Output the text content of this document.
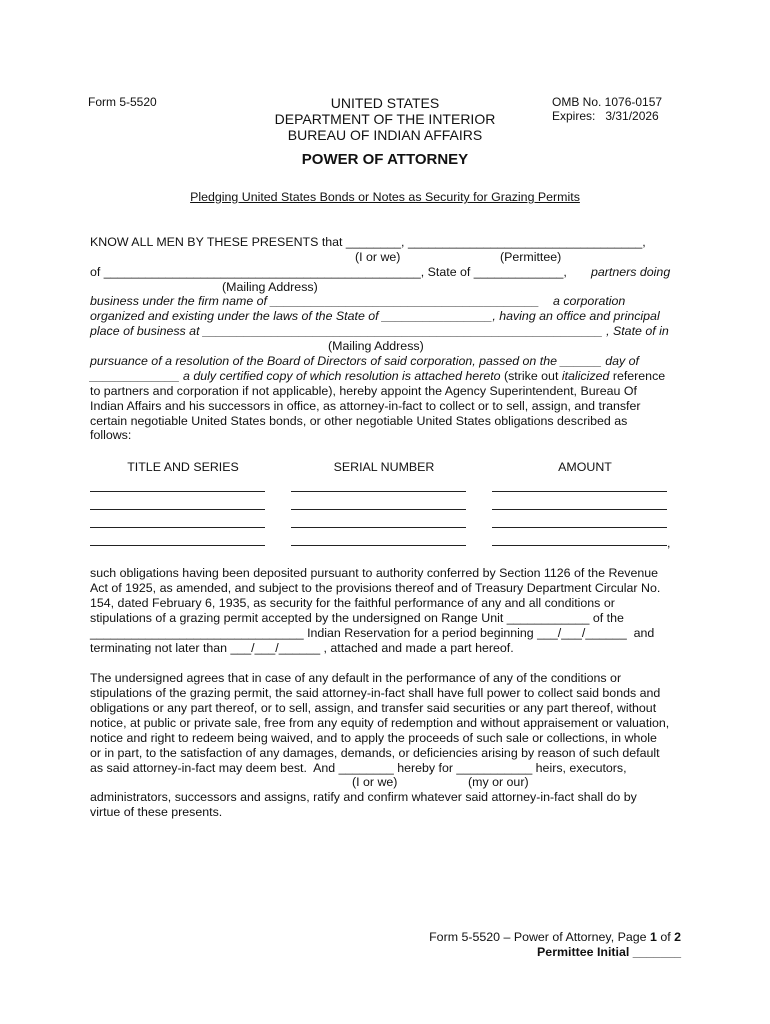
Form 5-5520	UNITED STATES
DEPARTMENT OF THE INTERIOR
BUREAU OF INDIAN AFFAIRS
OMB No. 1076-0157
Expires:   3/31/2026
POWER OF ATTORNEY
Pledging United States Bonds or Notes as Security for Grazing Permits
KNOW ALL MEN BY THESE PRESENTS that ________, __________________________________,
(I or we)	(Permittee)
of ______________________________________________, State of _____________, partners doing
(Mailing Address)
business under the firm name of _______________________________________ a corporation
organized and existing under the laws of the State of ________________, having an office and principal
place of business at __________________________________________________________ , State of in
(Mailing Address)
pursuance of a resolution of the Board of Directors of said corporation, passed on the ______ day of
_____________ a duly certified copy of which resolution is attached hereto (strike out italicized reference
to partners and corporation if not applicable), hereby appoint the Agency Superintendent, Bureau Of
Indian Affairs and his successors in office, as attorney-in-fact to collect or to sell, assign, and transfer
certain negotiable United States bonds, or other negotiable United States obligations described as
follows:
TITLE AND SERIES	SERIAL NUMBER	AMOUNT
,
such obligations having been deposited pursuant to authority conferred by Section 1126 of the Revenue
Act of 1925, as amended, and subject to the provisions thereof and of Treasury Department Circular No.
154, dated February 6, 1935, as security for the faithful performance of any and all conditions or
stipulations of a grazing permit accepted by the undersigned on Range Unit ____________ of the
_______________________________ Indian Reservation for a period beginning ___/___/______  and
terminating not later than ___/___/______ , attached and made a part hereof.
The undersigned agrees that in case of any default in the performance of any of the conditions or
stipulations of the grazing permit, the said attorney-in-fact shall have full power to collect said bonds and
obligations or any part thereof, or to sell, assign, and transfer said securities or any part thereof, without
notice, at public or private sale, free from any equity of redemption and without appraisement or valuation,
notice and right to redeem being waived, and to apply the proceeds of such sale or collections, in whole
or in part, to the satisfaction of any damages, demands, or deficiencies arising by reason of such default
as said attorney-in-fact may deem best.  And ________ hereby for ___________ heirs, executors,
(I or we)	(my or our)
administrators, successors and assigns, ratify and confirm whatever said attorney-in-fact shall do by
virtue of these presents.
Form 5-5520 – Power of Attorney, Page 1 of 2
Permittee Initial _______
